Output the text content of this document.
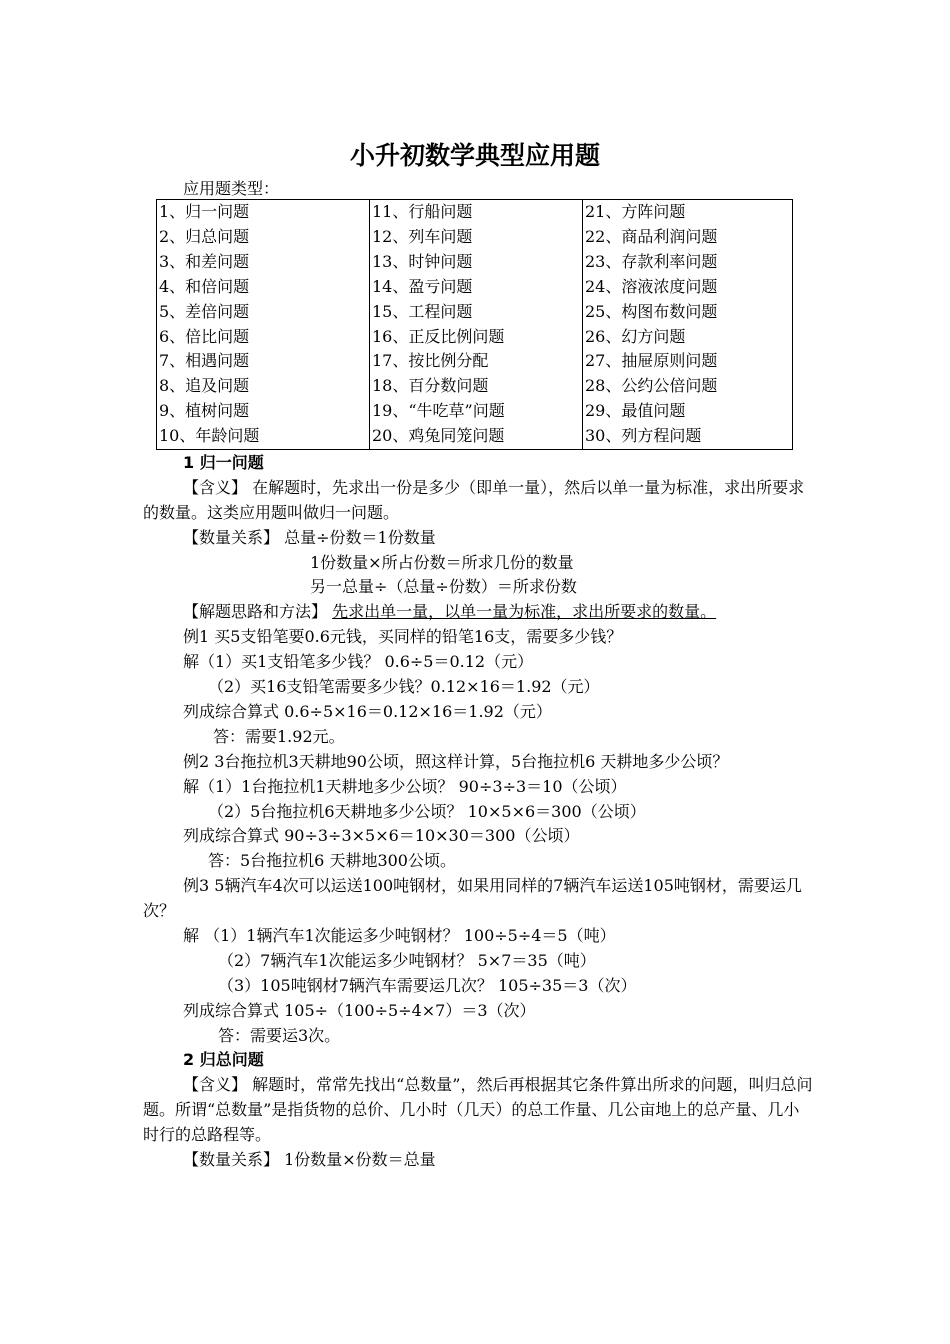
小升初数学典型应用题
应用题类型：
1、归一问题	11、行船问题	21、方阵问题
2、归总问题	12、列车问题	22、商品利润问题
3、和差问题	13、时钟问题	23、存款利率问题
4、和倍问题	14、盈亏问题	24、溶液浓度问题
5、差倍问题	15、工程问题	25、构图布数问题
6、倍比问题	16、正反比例问题	26、幻方问题
7、相遇问题	17、按比例分配	27、抽屉原则问题
8、追及问题	18、百分数问题	28、公约公倍问题
9、植树问题	19、“牛吃草”问题	29、最值问题
10、年龄问题	20、鸡兔同笼问题	30、列方程问题
1 归一问题
【含义】 在解题时，先求出一份是多少（即单一量），然后以单一量为标准，求出所要求的数量。这类应用题叫做归一问题。
【数量关系】 总量÷份数＝1份数量
1份数量×所占份数＝所求几份的数量
另一总量÷（总量÷份数）＝所求份数
【解题思路和方法】 先求出单一量，以单一量为标准，求出所要求的数量。
例1 买5支铅笔要0.6元钱，买同样的铅笔16支，需要多少钱？
解（1）买1支铅笔多少钱？ 0.6÷5＝0.12（元）
（2）买16支铅笔需要多少钱？0.12×16＝1.92（元）
列成综合算式 0.6÷5×16＝0.12×16＝1.92（元）
答：需要1.92元。
例2 3台拖拉机3天耕地90公顷，照这样计算，5台拖拉机6 天耕地多少公顷？
解（1）1台拖拉机1天耕地多少公顷？ 90÷3÷3＝10（公顷）
（2）5台拖拉机6天耕地多少公顷？ 10×5×6＝300（公顷）
列成综合算式 90÷3÷3×5×6＝10×30＝300（公顷）
答：5台拖拉机6 天耕地300公顷。
例3 5辆汽车4次可以运送100吨钢材，如果用同样的7辆汽车运送105吨钢材，需要运几次？
解 （1）1辆汽车1次能运多少吨钢材？ 100÷5÷4＝5（吨）
（2）7辆汽车1次能运多少吨钢材？ 5×7＝35（吨）
（3）105吨钢材7辆汽车需要运几次？ 105÷35＝3（次）
列成综合算式 105÷（100÷5÷4×7）＝3（次）
答：需要运3次。
2 归总问题
【含义】 解题时，常常先找出“总数量”，然后再根据其它条件算出所求的问题，叫归总问题。所谓“总数量”是指货物的总价、几小时（几天）的总工作量、几公亩地上的总产量、几小时行的总路程等。
【数量关系】 1份数量×份数＝总量
